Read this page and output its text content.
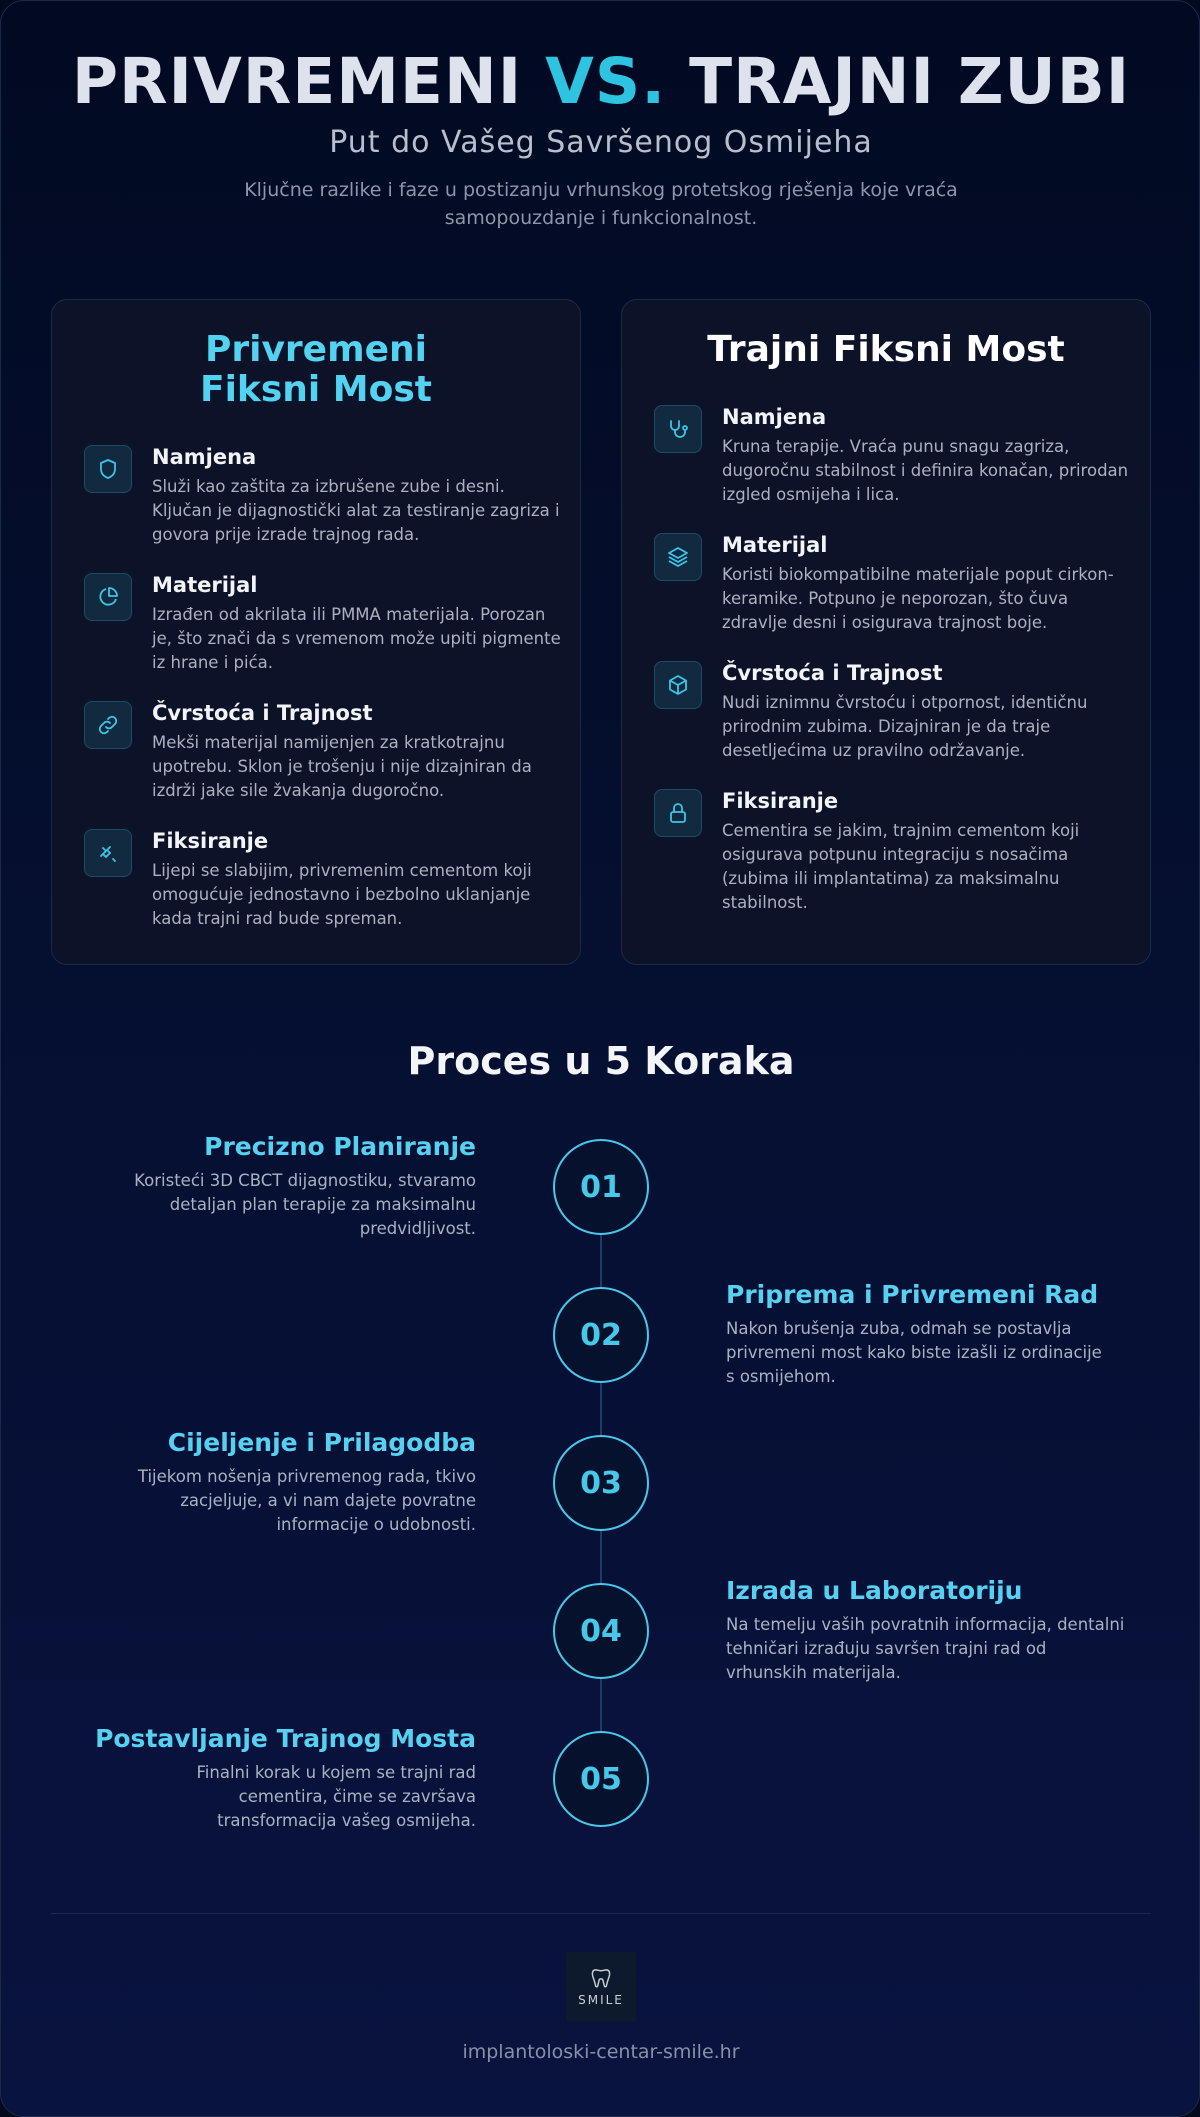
PRIVREMENI VS. TRAJNI ZUBI
Put do Vašeg Savršenog Osmijeha
Ključne razlike i faze u postizanju vrhunskog protetskog rješenja koje vraća samopouzdanje i funkcionalnost.
Privremeni Fiksni Most
Namjena
Služi kao zaštita za izbrušene zube i desni. Ključan je dijagnostički alat za testiranje zagriza i govora prije izrade trajnog rada.
Materijal
Izrađen od akrilata ili PMMA materijala. Porozan je, što znači da s vremenom može upiti pigmente iz hrane i pića.
Čvrstoća i Trajnost
Mekši materijal namijenjen za kratkotrajnu upotrebu. Sklon je trošenju i nije dizajniran da izdrži jake sile žvakanja dugoročno.
Fiksiranje
Lijepi se slabijim, privremenim cementom koji omogućuje jednostavno i bezbolno uklanjanje kada trajni rad bude spreman.
Trajni Fiksni Most
Namjena
Kruna terapije. Vraća punu snagu zagriza, dugoročnu stabilnost i definira konačan, prirodan izgled osmijeha i lica.
Materijal
Koristi biokompatibilne materijale poput cirkon-keramike. Potpuno je neporozan, što čuva zdravlje desni i osigurava trajnost boje.
Čvrstoća i Trajnost
Nudi iznimnu čvrstoću i otpornost, identičnu prirodnim zubima. Dizajniran je da traje desetljećima uz pravilno održavanje.
Fiksiranje
Cementira se jakim, trajnim cementom koji osigurava potpunu integraciju s nosačima (zubima ili implantatima) za maksimalnu stabilnost.
Proces u 5 Koraka
01
Precizno Planiranje
Koristeći 3D CBCT dijagnostiku, stvaramo detaljan plan terapije za maksimalnu predvidljivost.
02
Priprema i Privremeni Rad
Nakon brušenja zuba, odmah se postavlja privremeni most kako biste izašli iz ordinacije s osmijehom.
03
Cijeljenje i Prilagodba
Tijekom nošenja privremenog rada, tkivo zacjeljuje, a vi nam dajete povratne informacije o udobnosti.
04
Izrada u Laboratoriju
Na temelju vaših povratnih informacija, dentalni tehničari izrađuju savršen trajni rad od vrhunskih materijala.
05
Postavljanje Trajnog Mosta
Finalni korak u kojem se trajni rad cementira, čime se završava transformacija vašeg osmijeha.
SMILE
implantoloski-centar-smile.hr
